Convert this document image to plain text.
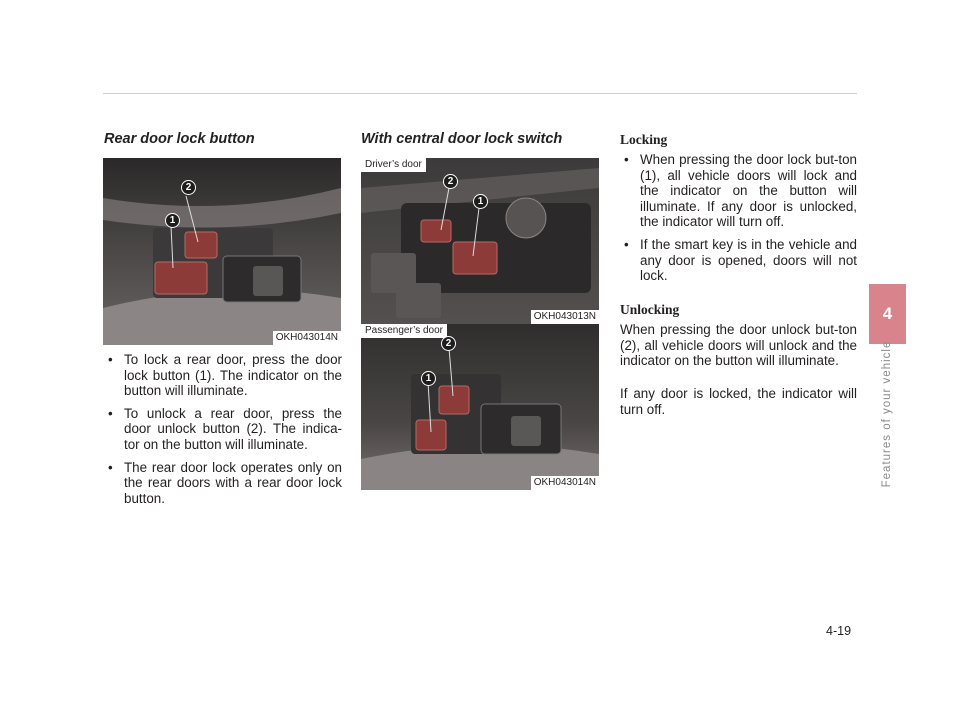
Rear door lock button
2
1
OKH043014N
• To lock a rear door, press the door lock button (1). The indicator on the button will illuminate.
• To unlock a rear door, press the door unlock button (2). The indica-tor on the button will illuminate.
• The rear door lock operates only on the rear doors with a rear door lock button.
With central door lock switch
Driver’s door
2
1
OKH043013N
Passenger’s door
2
1
OKH043014N
Locking
• When pressing the door lock but-ton (1), all vehicle doors will lock and the indicator on the button will illuminate. If any door is unlocked, the indicator will turn off.
• If the smart key is in the vehicle and any door is opened, doors will not lock.
Unlocking

When pressing the door unlock but-ton (2), all vehicle doors will unlock and the indicator on the button will illuminate.

If any door is locked, the indicator will turn off.

4
Features of your vehicle
4-19
